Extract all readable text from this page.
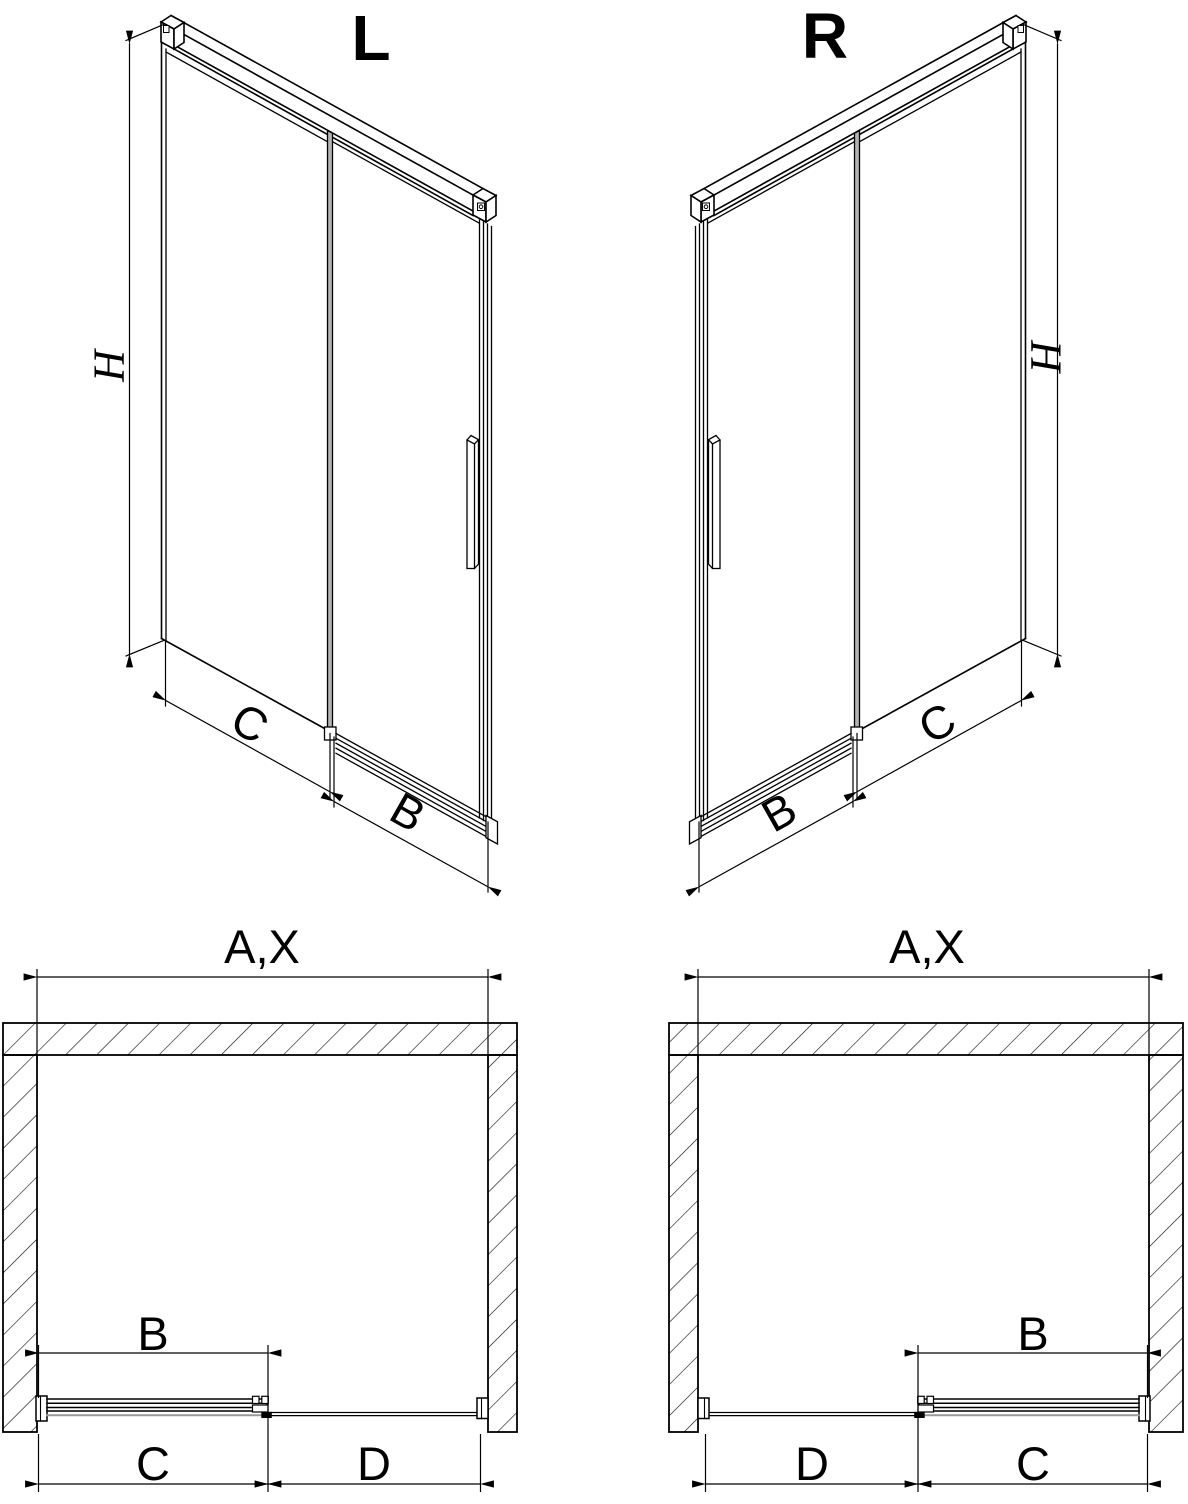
L	R
H	H
C
B
C
B
A,X
B
C	D
A,X
B
C
D
